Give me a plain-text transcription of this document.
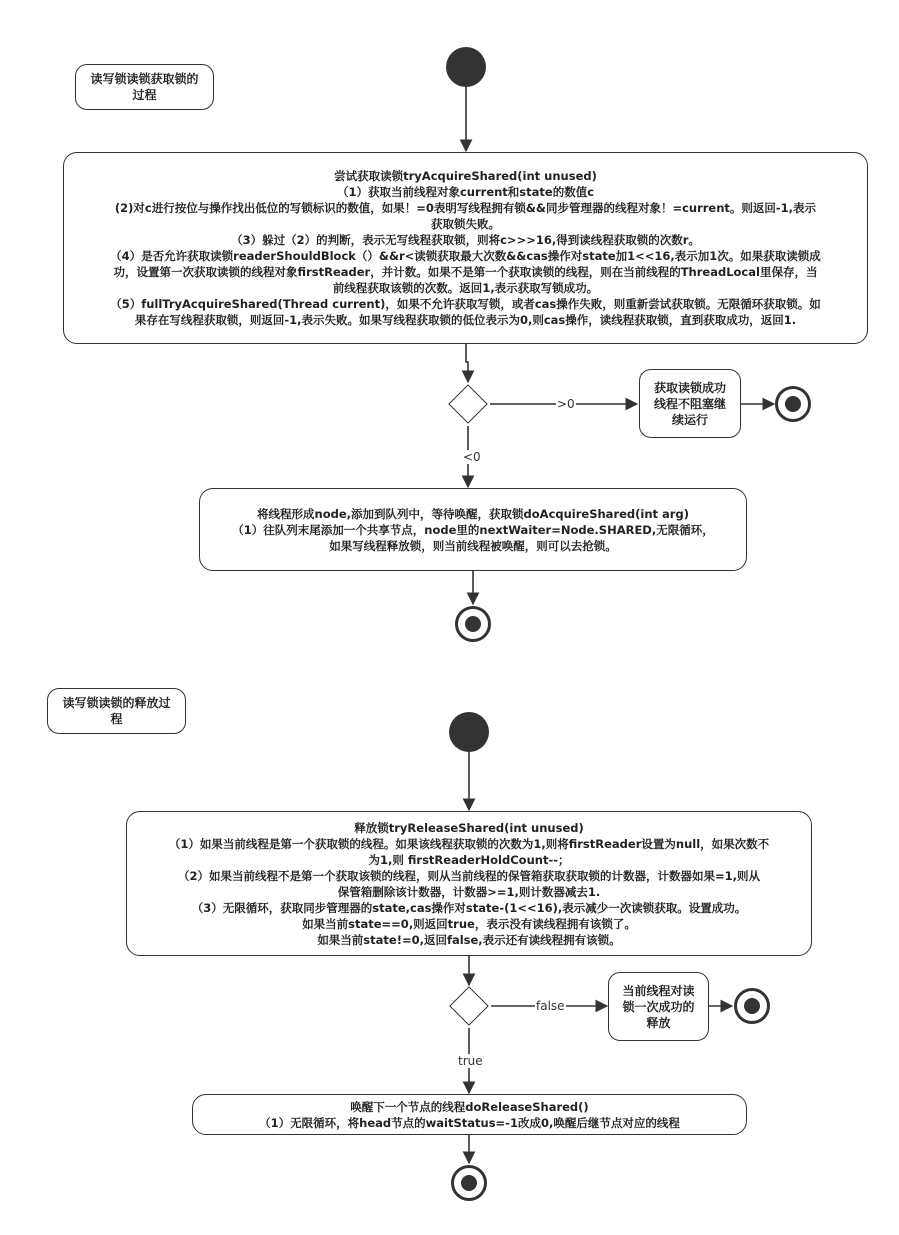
读写锁读锁获取锁的
过程
尝试获取读锁tryAcquireShared(int unused)
（1）获取当前线程对象current和state的数值c
(2)对c进行按位与操作找出低位的写锁标识的数值，如果！=0表明写线程拥有锁&&同步管理器的线程对象！=current。则返回-1,表示
获取锁失败。
（3）躲过（2）的判断，表示无写线程获取锁，则将c>>>16,得到读线程获取锁的次数r。
（4）是否允许获取读锁readerShouldBlock（）&&r<读锁获取最大次数&&cas操作对state加1<<16,表示加1次。如果获取读锁成
功，设置第一次获取读锁的线程对象firstReader，并计数。如果不是第一个获取读锁的线程，则在当前线程的ThreadLocal里保存，当
前线程获取该锁的次数。返回1,表示获取写锁成功。
（5）fullTryAcquireShared(Thread current)，如果不允许获取写锁，或者cas操作失败，则重新尝试获取锁。无限循环获取锁。如
果存在写线程获取锁，则返回-1,表示失败。如果写线程获取锁的低位表示为0,则cas操作，读线程获取锁，直到获取成功，返回1.
>0
<0
获取读锁成功
线程不阻塞继
续运行
将线程形成node,添加到队列中，等待唤醒，获取锁doAcquireShared(int arg)
（1）往队列末尾添加一个共享节点，node里的nextWaiter=Node.SHARED,无限循环，
如果写线程释放锁，则当前线程被唤醒，则可以去抢锁。
读写锁读锁的释放过
程
释放锁tryReleaseShared(int unused)
（1）如果当前线程是第一个获取锁的线程。如果该线程获取锁的次数为1,则将firstReader设置为null，如果次数不
为1,则 firstReaderHoldCount--；
（2）如果当前线程不是第一个获取该锁的线程，则从当前线程的保管箱获取获取锁的计数器，计数器如果=1,则从
保管箱删除该计数器，计数器>=1,则计数器减去1.
（3）无限循环，获取同步管理器的state,cas操作对state-(1<<16),表示减少一次读锁获取。设置成功。
如果当前state==0,则返回true，表示没有读线程拥有该锁了。
如果当前state!=0,返回false,表示还有读线程拥有该锁。
false
true
当前线程对读
锁一次成功的
释放
唤醒下一个节点的线程doReleaseShared()
（1）无限循环，将head节点的waitStatus=-1改成0,唤醒后继节点对应的线程
